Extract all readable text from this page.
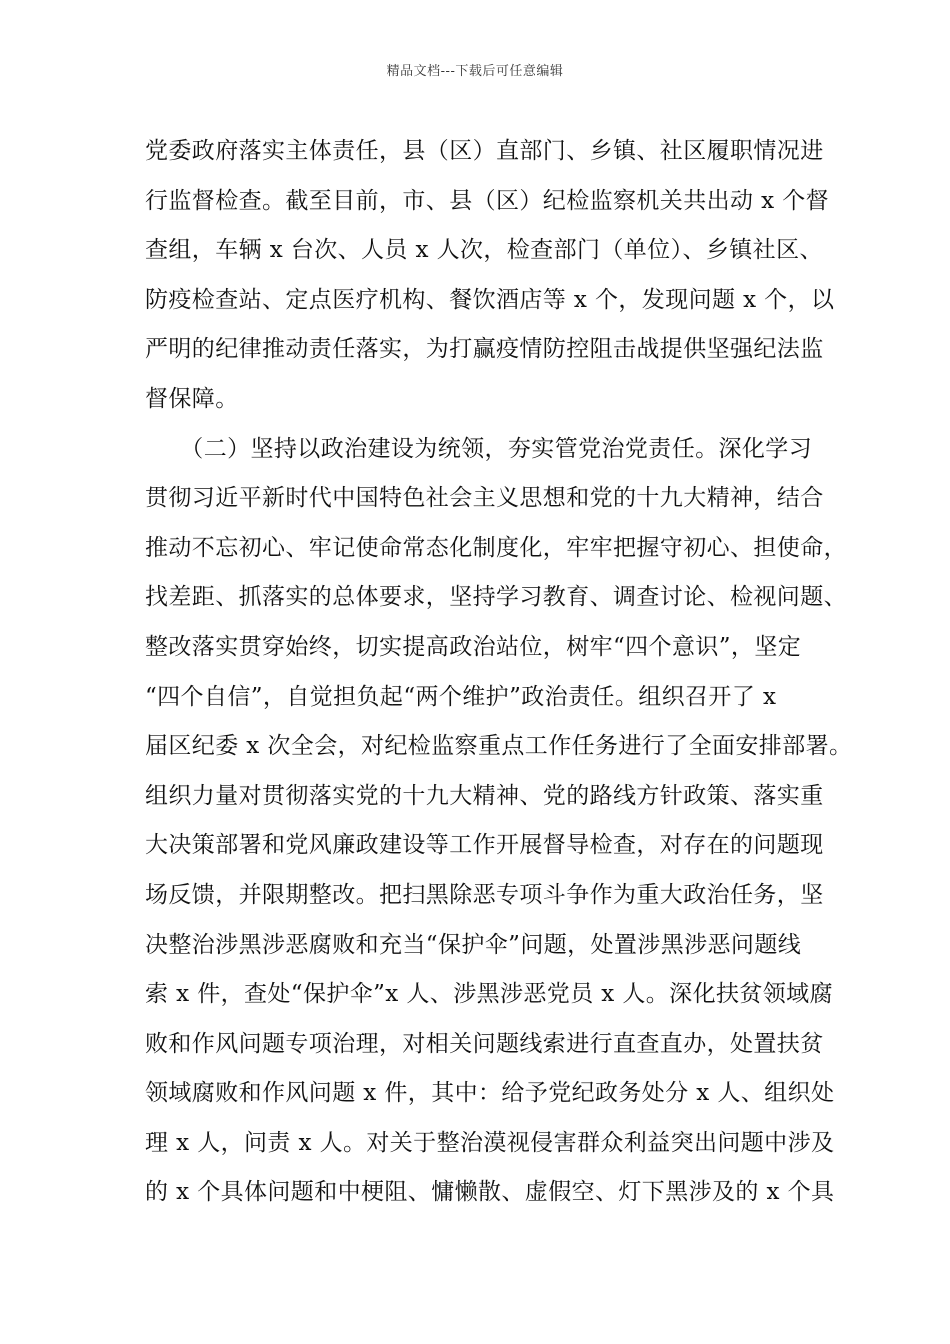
精品文档---下载后可任意编辑
党委政府落实主体责任，县（区）直部门、乡镇、社区履职情况进
行监督检查。截至目前，市、县（区）纪检监察机关共出动 x 个督
查组，车辆 x 台次、人员 x 人次，检查部门（单位）、乡镇社区、
防疫检查站、定点医疗机构、餐饮酒店等 x 个，发现问题 x 个，以
严明的纪律推动责任落实，为打赢疫情防控阻击战提供坚强纪法监
督保障。
　　（二）坚持以政治建设为统领，夯实管党治党责任。深化学习
贯彻习近平新时代中国特色社会主义思想和党的十九大精神，结合
推动不忘初心、牢记使命常态化制度化，牢牢把握守初心、担使命，
找差距、抓落实的总体要求，坚持学习教育、调查讨论、检视问题、
整改落实贯穿始终，切实提高政治站位，树牢“四个意识”，坚定
“四个自信”，自觉担负起“两个维护”政治责任。组织召开了 x
届区纪委 x 次全会，对纪检监察重点工作任务进行了全面安排部署。
组织力量对贯彻落实党的十九大精神、党的路线方针政策、落实重
大决策部署和党风廉政建设等工作开展督导检查，对存在的问题现
场反馈，并限期整改。把扫黑除恶专项斗争作为重大政治任务，坚
决整治涉黑涉恶腐败和充当“保护伞”问题，处置涉黑涉恶问题线
索 x 件，查处“保护伞”x 人、涉黑涉恶党员 x 人。深化扶贫领域腐
败和作风问题专项治理，对相关问题线索进行直查直办，处置扶贫
领域腐败和作风问题 x 件，其中：给予党纪政务处分 x 人、组织处
理 x 人，问责 x 人。对关于整治漠视侵害群众利益突出问题中涉及
的 x 个具体问题和中梗阻、慵懒散、虚假空、灯下黑涉及的 x 个具
